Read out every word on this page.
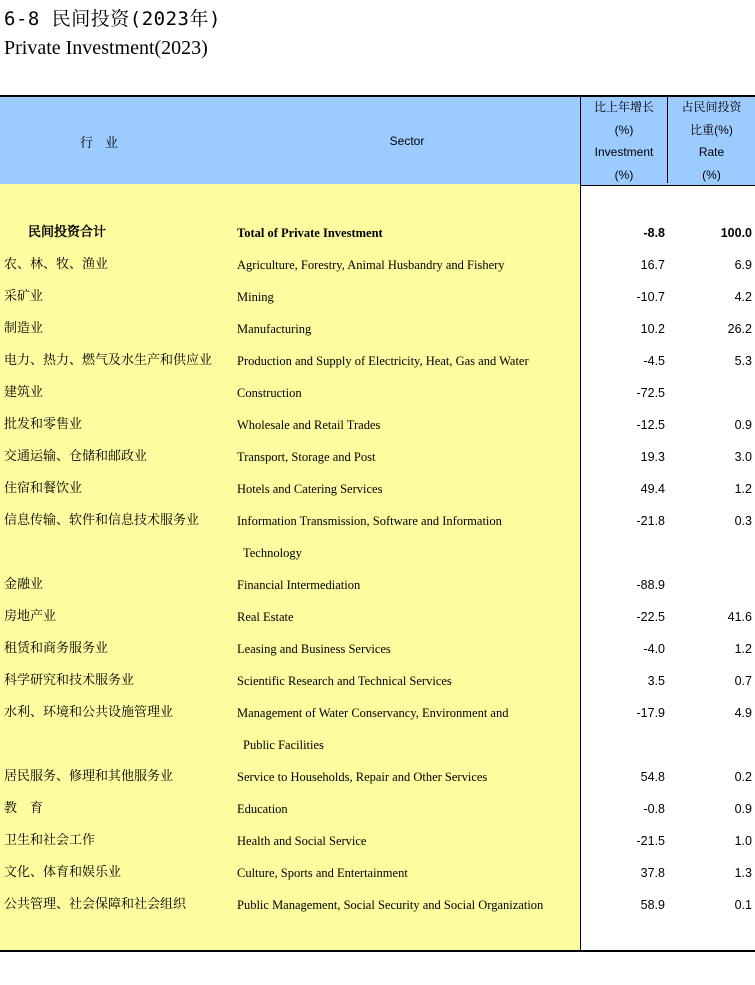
6-8 民间投资(2023年)
Private Investment(2023)
行业	Sector
比上年增长
(%)
Investment
(%)
占民间投资
比重(%)
Rate
(%)
民间投资合计	Total of Private Investment	-8.8	100.0
农、林、牧、渔业	Agriculture, Forestry, Animal Husbandry and Fishery	16.7	6.9
采矿业	Mining	-10.7	4.2
制造业	Manufacturing	10.2	26.2
电力、热力、燃气及水生产和供应业 Production and Supply of Electricity, Heat, Gas and Water	-4.5	5.3
建筑业	Construction	-72.5
批发和零售业	Wholesale and Retail Trades	-12.5	0.9
交通运输、仓储和邮政业	Transport, Storage and Post	19.3	3.0
住宿和餐饮业	Hotels and Catering Services	49.4	1.2
信息传输、软件和信息技术服务业	Information Transmission, Software and Information	-21.8	0.3
Technology
金融业	Financial Intermediation	-88.9
房地产业	Real Estate	-22.5	41.6
租赁和商务服务业	Leasing and Business Services	-4.0	1.2
科学研究和技术服务业	Scientific Research and Technical Services	3.5	0.7
水利、环境和公共设施管理业	Management of Water Conservancy, Environment and	-17.9	4.9
Public Facilities
居民服务、修理和其他服务业	Service to Households, Repair and Other Services	54.8	0.2
教　育	Education	-0.8	0.9
卫生和社会工作	Health and Social Service	-21.5	1.0
文化、体育和娱乐业	Culture, Sports and Entertainment	37.8	1.3
公共管理、社会保障和社会组织	Public Management, Social Security and Social Organization	58.9	0.1
